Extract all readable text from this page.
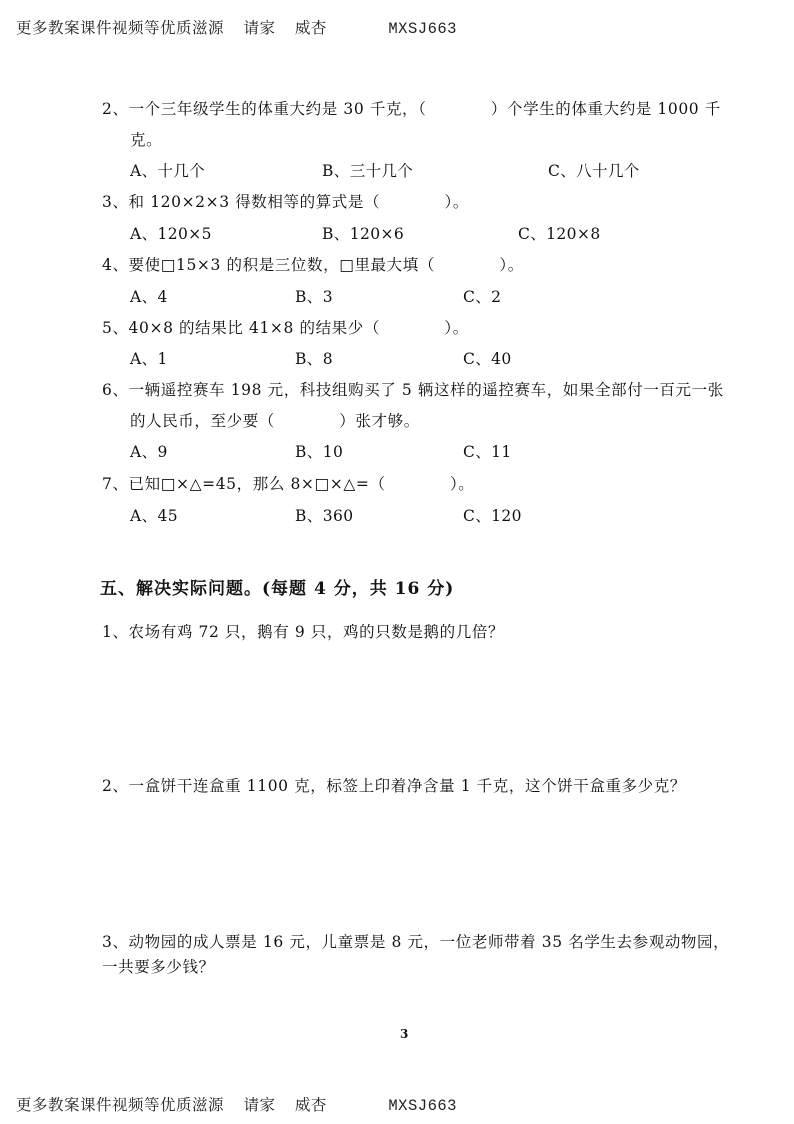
更多教案课件视频等优质滋源 请家 威杏	MXSJ663
2、一个三年级学生的体重大约是 30 千克，（　　　　）个学生的体重大约是 1000 千
克。
A、十几个	B、三十几个	C、八十几个
3、和 120×2×3 得数相等的算式是（　　　　）。
A、120×5	B、120×6	C、120×8
4、要使□15×3 的积是三位数，□里最大填（　　　　）。
A、4	B、3	C、2
5、40×8 的结果比 41×8 的结果少（　　　　）。
A、1	B、8	C、40
6、一辆遥控赛车 198 元，科技组购买了 5 辆这样的遥控赛车，如果全部付一百元一张
的人民币，至少要（　　　　）张才够。
A、9	B、10	C、11
7、已知□×△=45，那么 8×□×△=（　　　　）。
A、45	B、360	C、120
五、解决实际问题。(每题 4 分，共 16 分)
1、农场有鸡 72 只，鹅有 9 只，鸡的只数是鹅的几倍？
2、一盒饼干连盒重 1100 克，标签上印着净含量 1 千克，这个饼干盒重多少克？
3、动物园的成人票是 16 元，儿童票是 8 元，一位老师带着 35 名学生去参观动物园，
一共要多少钱？
3
更多教案课件视频等优质滋源 请家 威杏	MXSJ663
